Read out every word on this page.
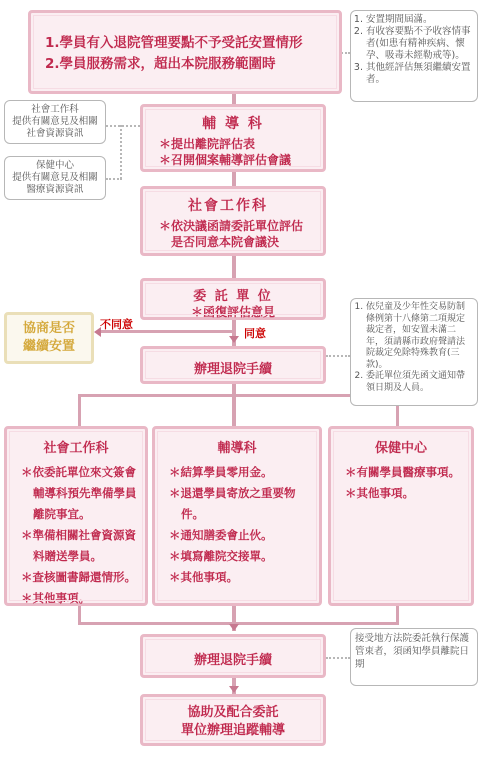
1.學員有入退院管理要點不予受託安置情形
2.學員服務需求，超出本院服務範圍時
1. 安置期間屆滿。
2. 有收容要點不予收容情事者(如患有精神疾病、懷孕、吸毒未經勒戒等)。
3. 其他經評估無須繼續安置者。
社會工作科
提供有關意見及相關社會資源資訊
保健中心
提供有關意見及相關醫療資源資訊
輔 導 科
＊提出離院評估表
＊召開個案輔導評估會議
社會工作科
＊依決議函請委託單位評估是否同意本院會議決
委 託 單 位
＊函復評估意見
不同意
同意
協商是否繼續安置
辦理退院手續
1. 依兒童及少年性交易防制條例第十八條第二項規定裁定者，如安置未滿二年，須請縣市政府聲請法院裁定免除特殊教育(三款)。
2. 委託單位須先函文通知帶領日期及人員。
社會工作科
＊依委託單位來文簽會輔導科預先準備學員離院事宜。
＊準備相關社會資源資料贈送學員。
＊查核圖書歸還情形。
＊其他事項。
輔導科
＊結算學員零用金。
＊退還學員寄放之重要物件。
＊通知膳委會止伙。
＊填寫離院交接單。
＊其他事項。
保健中心
＊有關學員醫療事項。
＊其他事項。
辦理退院手續
接受地方法院委託執行保護管束者，須函知學員離院日期
協助及配合委託
單位辦理追蹤輔導
